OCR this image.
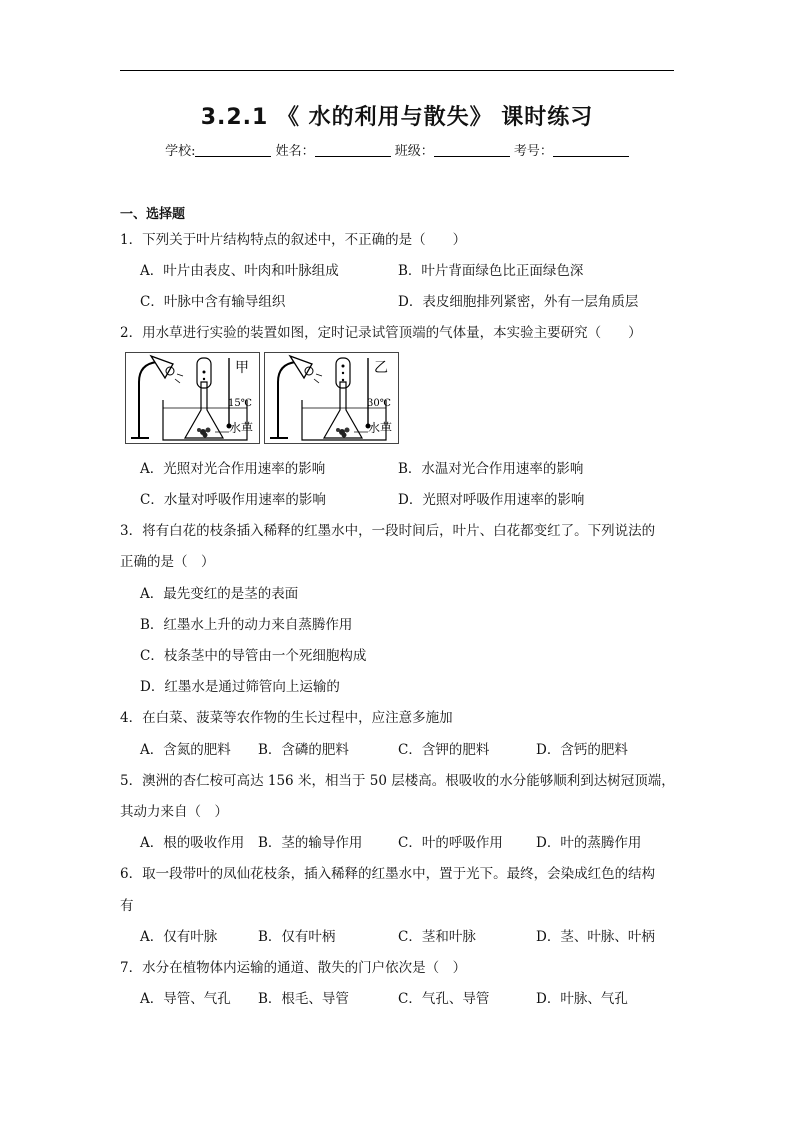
3.2.1 《 水的利用与散失》 课时练习
学校:	姓名：	班级：	考号：
一、选择题
1．下列关于叶片结构特点的叙述中，不正确的是（　　）
A．叶片由表皮、叶肉和叶脉组成	B．叶片背面绿色比正面绿色深
C．叶脉中含有输导组织	D．表皮细胞排列紧密，外有一层角质层
2．用水草进行实验的装置如图，定时记录试管顶端的气体量，本实验主要研究（　　）
甲
15℃
水草
乙
30℃
水草
A．光照对光合作用速率的影响	B．水温对光合作用速率的影响
C．水量对呼吸作用速率的影响	D．光照对呼吸作用速率的影响
3．将有白花的枝条插入稀释的红墨水中，一段时间后，叶片、白花都变红了。下列说法的
正确的是（　）
A．最先变红的是茎的表面
B．红墨水上升的动力来自蒸腾作用
C．枝条茎中的导管由一个死细胞构成
D．红墨水是通过筛管向上运输的
4．在白菜、菠菜等农作物的生长过程中，应注意多施加
A．含氮的肥料 B．含磷的肥料	C．含钾的肥料	D．含钙的肥料
5．澳洲的杏仁桉可高达 156 米，相当于 50 层楼高。根吸收的水分能够顺利到达树冠顶端，
其动力来自（　）
A．根的吸收作用 B．茎的输导作用	C．叶的呼吸作用 D．叶的蒸腾作用
6．取一段带叶的凤仙花枝条，插入稀释的红墨水中，置于光下。最终，会染成红色的结构
有
A．仅有叶脉	B．仅有叶柄	C．茎和叶脉	D．茎、叶脉、叶柄
7．水分在植物体内运输的通道、散失的门户依次是（　）
A．导管、气孔 B．根毛、导管	C．气孔、导管	D．叶脉、气孔
